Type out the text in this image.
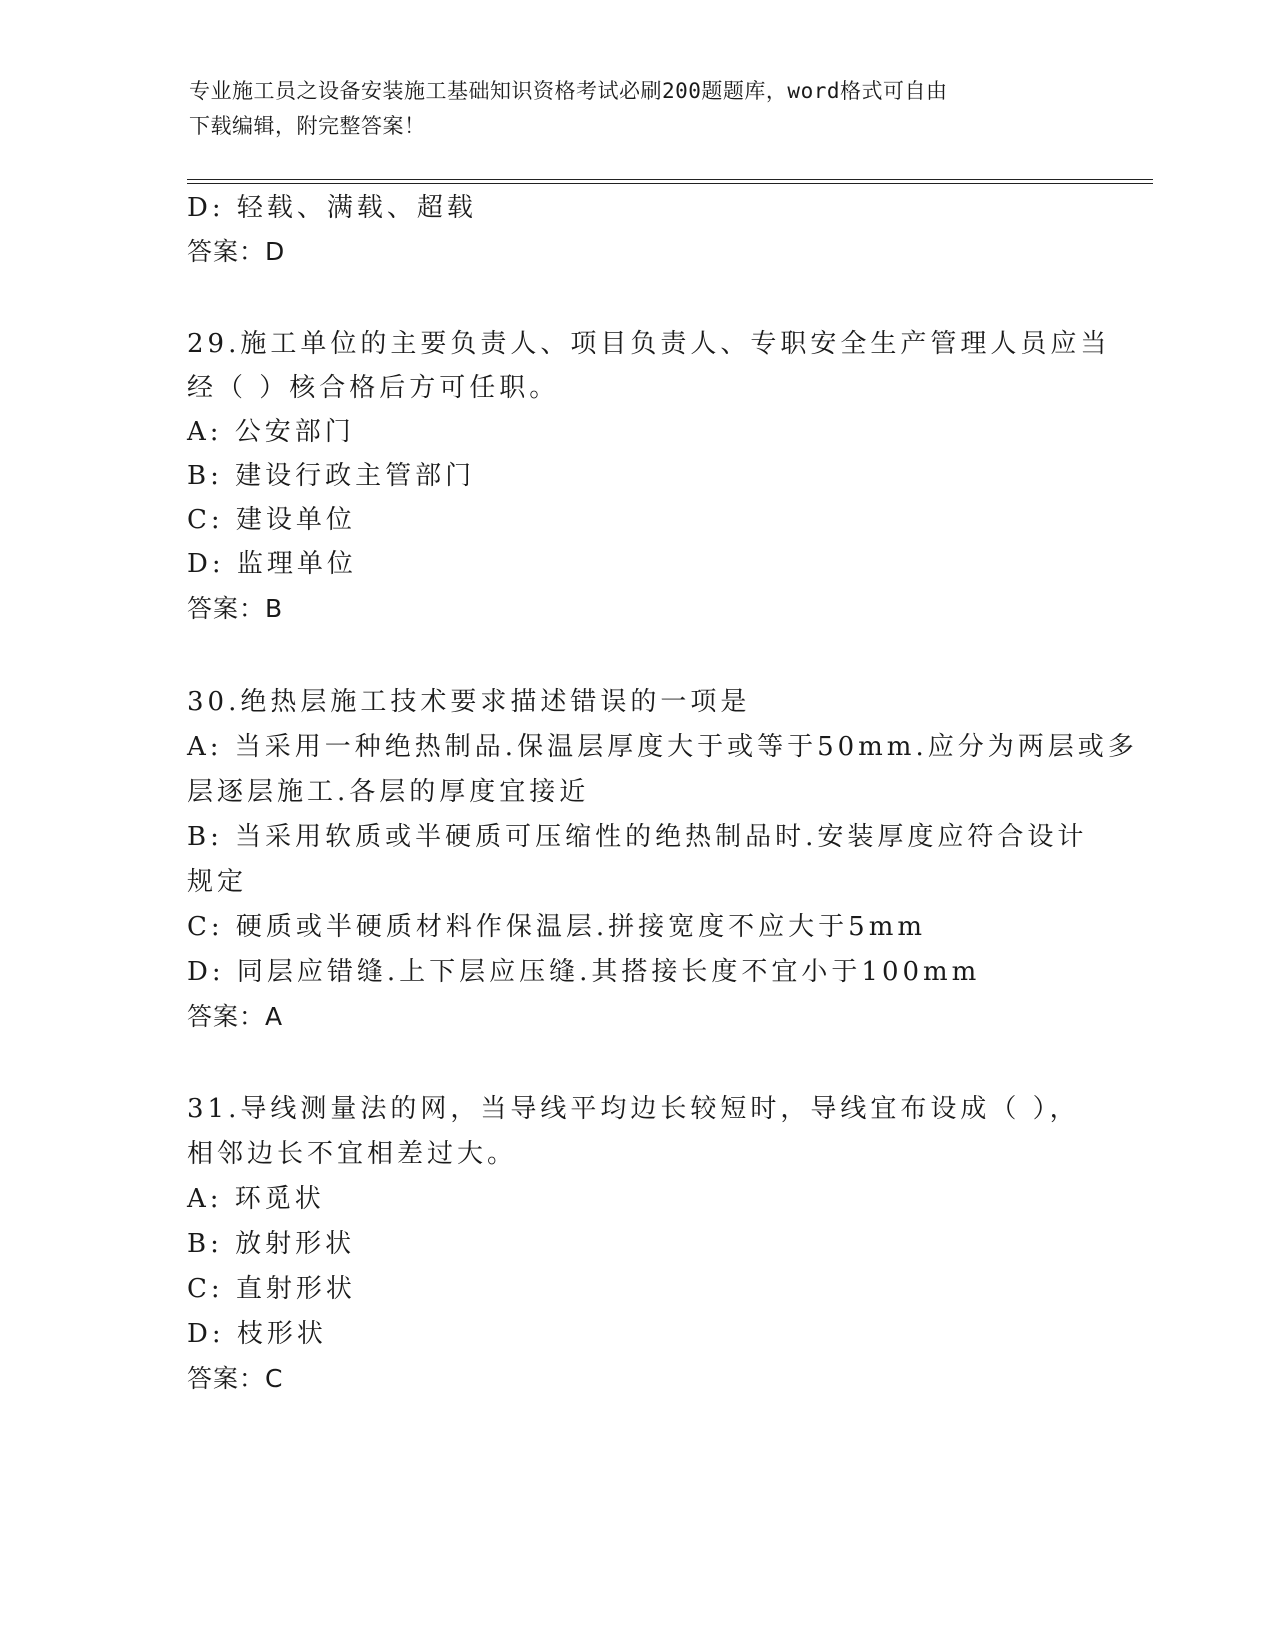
专业施工员之设备安装施工基础知识资格考试必刷200题题库，word格式可自由
下载编辑，附完整答案！
D: 轻载、满载、超载
答案：D
29.施工单位的主要负责人、项目负责人、专职安全生产管理人员应当
经（ ）核合格后方可任职。
A: 公安部门
B: 建设行政主管部门
C: 建设单位
D: 监理单位
答案：B
30.绝热层施工技术要求描述错误的一项是
A: 当采用一种绝热制品.保温层厚度大于或等于50mm.应分为两层或多
层逐层施工.各层的厚度宜接近
B: 当采用软质或半硬质可压缩性的绝热制品时.安装厚度应符合设计
规定
C: 硬质或半硬质材料作保温层.拼接宽度不应大于5mm
D: 同层应错缝.上下层应压缝.其搭接长度不宜小于100mm
答案：A
31.导线测量法的网，当导线平均边长较短时，导线宜布设成（ ），
相邻边长不宜相差过大。
A: 环觅状
B: 放射形状
C: 直射形状
D: 枝形状
答案：C
